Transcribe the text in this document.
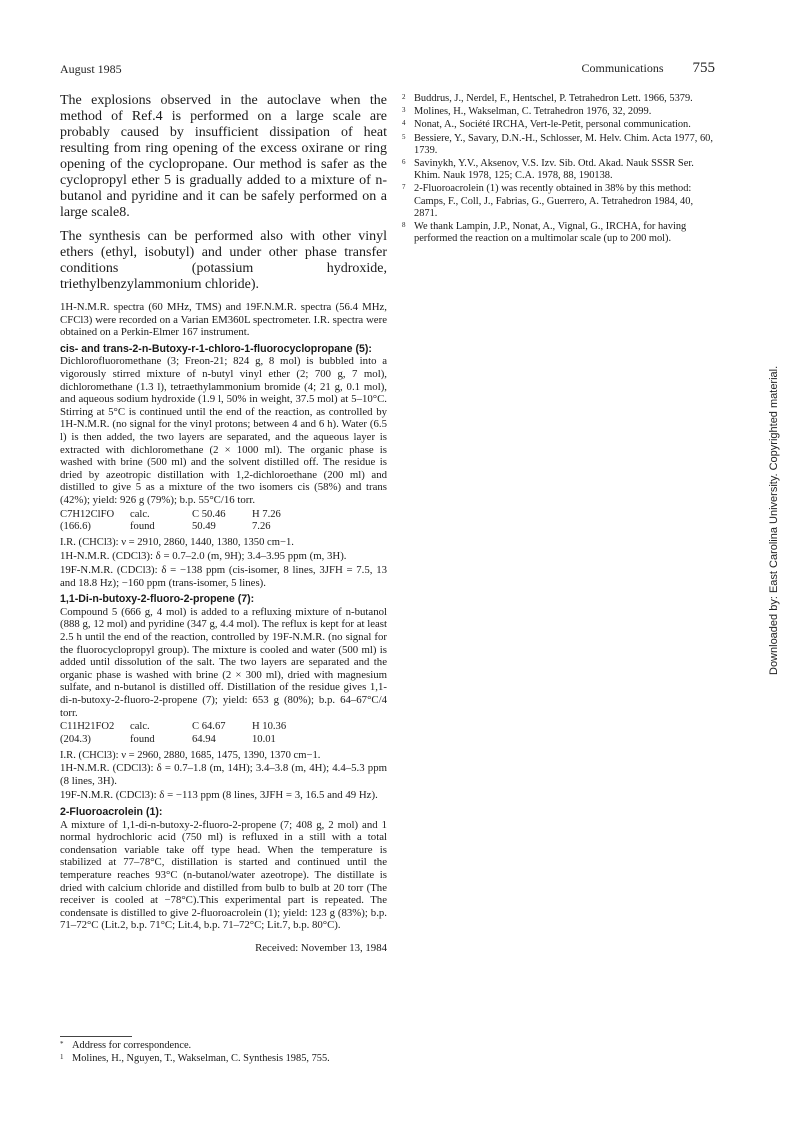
August 1985	Communications 755

The explosions observed in the autoclave when the method of Ref.4 is performed on a large scale are probably caused by insufficient dissipation of heat resulting from ring opening of the excess oxirane or ring opening of the cyclopropane. Our method is safer as the cyclopropyl ether 5 is gradually added to a mixture of n-butanol and pyridine and it can be safely performed on a large scale8.

The synthesis can be performed also with other vinyl ethers (ethyl, isobutyl) and under other phase transfer conditions (potassium hydroxide, triethylbenzylammonium chloride).

1H-N.M.R. spectra (60 MHz, TMS) and 19F.N.M.R. spectra (56.4 MHz, CFCl3) were recorded on a Varian EM360L spectrometer. I.R. spectra were obtained on a Perkin-Elmer 167 instrument.

cis- and trans-2-n-Butoxy-r-1-chloro-1-fluorocyclopropane (5):

Dichlorofluoromethane (3; Freon-21; 824 g, 8 mol) is bubbled into a vigorously stirred mixture of n-butyl vinyl ether (2; 700 g, 7 mol), dichloromethane (1.3 l), tetraethylammonium bromide (4; 21 g, 0.1 mol), and aqueous sodium hydroxide (1.9 l, 50% in weight, 37.5 mol) at 5–10°C. Stirring at 5°C is continued until the end of the reaction, as controlled by 1H-N.M.R. (no signal for the vinyl protons; between 4 and 6 h). Water (6.5 l) is then added, the two layers are separated, and the aqueous layer is extracted with dichloromethane (2 × 1000 ml). The organic phase is washed with brine (500 ml) and the solvent distilled off. The residue is dried by azeotropic distillation with 1,2-dichloroethane (200 ml) and distilled to give 5 as a mixture of the two isomers cis (58%) and trans (42%); yield: 926 g (79%); b.p. 55°C/16 torr.

C7H12ClFO	calc.	C 50.46	H 7.26
(166.6)	found	50.49	7.26

I.R. (CHCl3): ν = 2910, 2860, 1440, 1380, 1350 cm−1.

1H-N.M.R. (CDCl3): δ = 0.7–2.0 (m, 9H); 3.4–3.95 ppm (m, 3H).

19F-N.M.R. (CDCl3): δ = −138 ppm (cis-isomer, 8 lines, 3JFH = 7.5, 13 and 18.8 Hz); −160 ppm (trans-isomer, 5 lines).

1,1-Di-n-butoxy-2-fluoro-2-propene (7):

Compound 5 (666 g, 4 mol) is added to a refluxing mixture of n-butanol (888 g, 12 mol) and pyridine (347 g, 4.4 mol). The reflux is kept for at least 2.5 h until the end of the reaction, controlled by 19F-N.M.R. (no signal for the fluorocyclopropyl group). The mixture is cooled and water (500 ml) is added until dissolution of the salt. The two layers are separated and the organic phase is washed with brine (2 × 300 ml), dried with magnesium sulfate, and n-butanol is distilled off. Distillation of the residue gives 1,1-di-n-butoxy-2-fluoro-2-propene (7); yield: 653 g (80%); b.p. 64–67°C/4 torr.

C11H21FO2	calc.	C 64.67	H 10.36
(204.3)	found	64.94	10.01

I.R. (CHCl3): ν = 2960, 2880, 1685, 1475, 1390, 1370 cm−1.

1H-N.M.R. (CDCl3): δ = 0.7–1.8 (m, 14H); 3.4–3.8 (m, 4H); 4.4–5.3 ppm (8 lines, 3H).

19F-N.M.R. (CDCl3): δ = −113 ppm (8 lines, 3JFH = 3, 16.5 and 49 Hz).

2-Fluoroacrolein (1):

A mixture of 1,1-di-n-butoxy-2-fluoro-2-propene (7; 408 g, 2 mol) and 1 normal hydrochloric acid (750 ml) is refluxed in a still with a total condensation variable take off type head. When the temperature is stabilized at 77–78°C, distillation is started and continued until the temperature reaches 93°C (n-butanol/water azeotrope). The distillate is dried with calcium chloride and distilled from bulb to bulb at 20 torr (The receiver is cooled at −78°C).This experimental part is repeated. The condensate is distilled to give 2-fluoroacrolein (1); yield: 123 g (83%); b.p. 71–72°C (Lit.2, b.p. 71°C; Lit.4, b.p. 71–72°C; Lit.7, b.p. 80°C).

Received: November 13, 1984

* Address for correspondence.
1 Molines, H., Nguyen, T., Wakselman, C. Synthesis 1985, 755.
2 Buddrus, J., Nerdel, F., Hentschel, P. Tetrahedron Lett. 1966, 5379.
3 Molines, H., Wakselman, C. Tetrahedron 1976, 32, 2099.
4 Nonat, A., Société IRCHA, Vert-le-Petit, personal communication.
5 Bessiere, Y., Savary, D.N.-H., Schlosser, M. Helv. Chim. Acta 1977, 60, 1739.
6 Savinykh, Y.V., Aksenov, V.S. Izv. Sib. Otd. Akad. Nauk SSSR Ser. Khim. Nauk 1978, 125; C.A. 1978, 88, 190138.
7 2-Fluoroacrolein (1) was recently obtained in 38% by this method: Camps, F., Coll, J., Fabrias, G., Guerrero, A. Tetrahedron 1984, 40, 2871.
8 We thank Lampin, J.P., Nonat, A., Vignal, G., IRCHA, for having performed the reaction on a multimolar scale (up to 200 mol).
Downloaded by: East Carolina University. Copyrighted material.
